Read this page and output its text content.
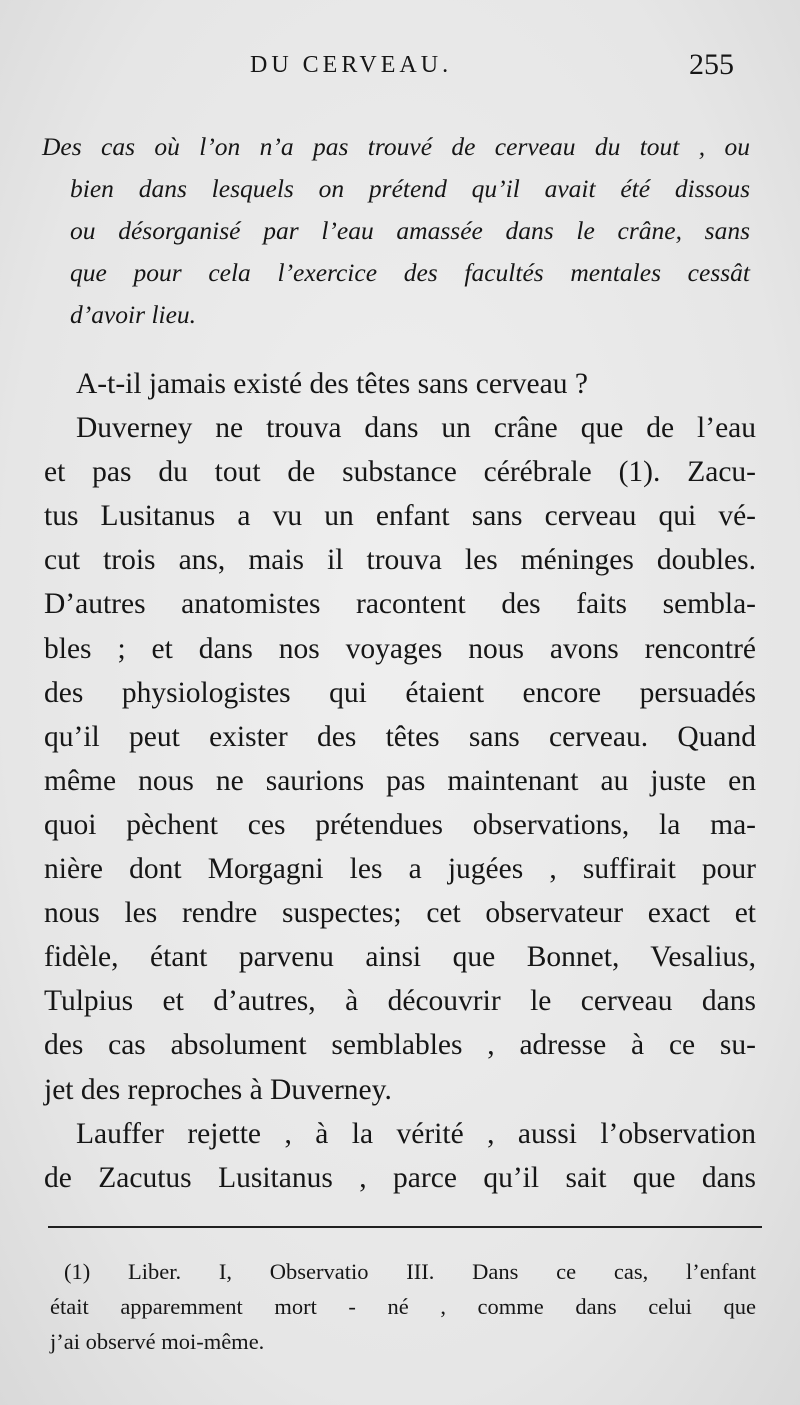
DU CERVEAU.	255
Des cas où l’on n’a pas trouvé de cerveau du tout , ou
bien dans lesquels on prétend qu’il avait été dissous
ou désorganisé par l’eau amassée dans le crâne, sans
que pour cela l’exercice des facultés mentales cessât
d’avoir lieu.
A-t-il jamais existé des têtes sans cerveau ?
Duverney ne trouva dans un crâne que de l’eau
et pas du tout de substance cérébrale (1). Zacu-
tus Lusitanus a vu un enfant sans cerveau qui vé-
cut trois ans, mais il trouva les méninges doubles.
D’autres anatomistes racontent des faits sembla-
bles ; et dans nos voyages nous avons rencontré
des physiologistes qui étaient encore persuadés
qu’il peut exister des têtes sans cerveau. Quand
même nous ne saurions pas maintenant au juste en
quoi pèchent ces prétendues observations, la ma-
nière dont Morgagni les a jugées , suffirait pour
nous les rendre suspectes; cet observateur exact et
fidèle, étant parvenu ainsi que Bonnet, Vesalius,
Tulpius et d’autres, à découvrir le cerveau dans
des cas absolument semblables , adresse à ce su-
jet des reproches à Duverney.
Lauffer rejette , à la vérité , aussi l’observation
de Zacutus Lusitanus , parce qu’il sait que dans
(1) Liber. I, Observatio III. Dans ce cas, l’enfant
était apparemment mort - né , comme dans celui que
j’ai observé moi-même.
